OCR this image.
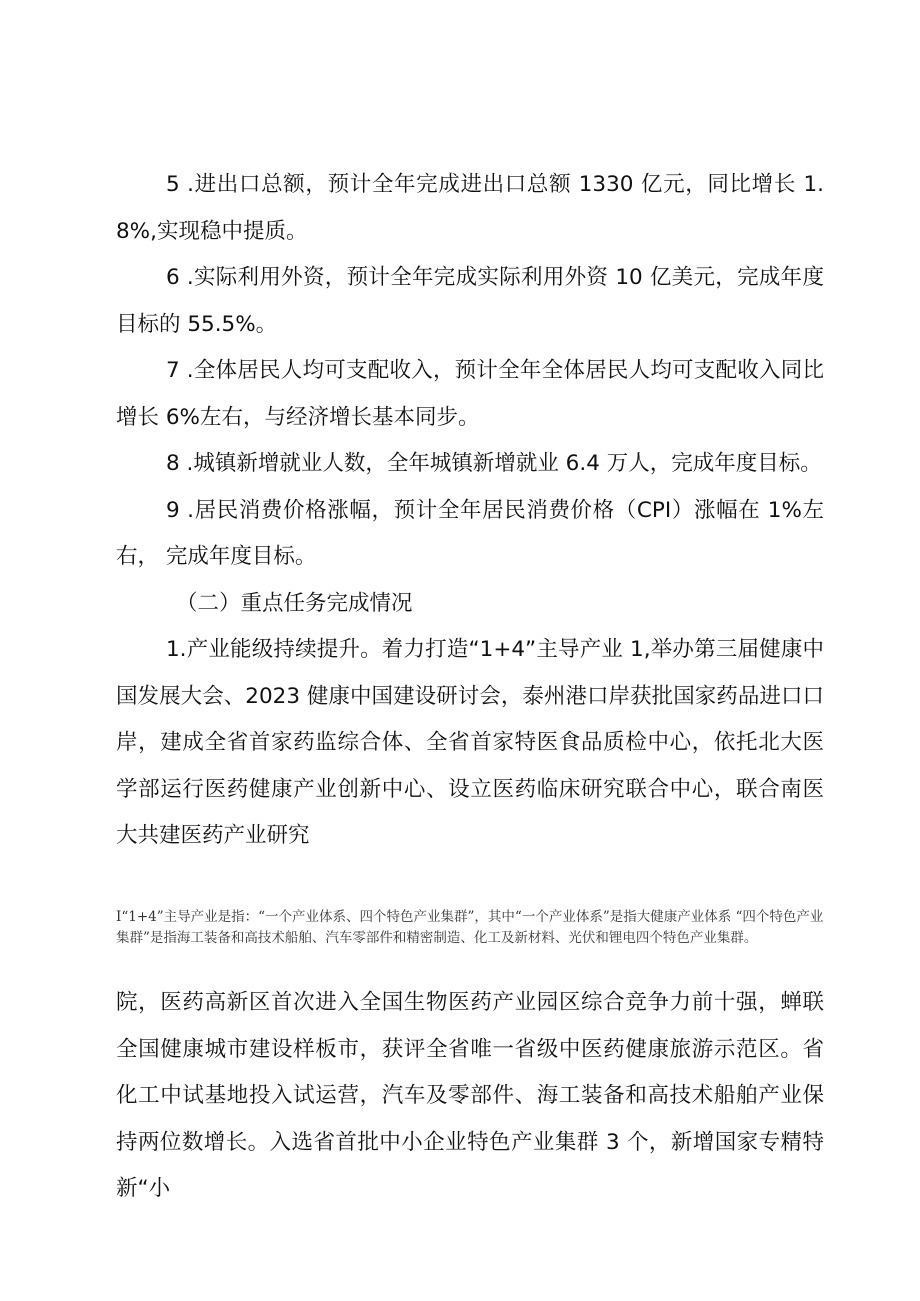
5 .进出口总额，预计全年完成进出口总额 1330 亿元，同比增长 1.8%,实现稳中提质。

6 .实际利用外资，预计全年完成实际利用外资 10 亿美元，完成年度目标的 55.5%。

7 .全体居民人均可支配收入，预计全年全体居民人均可支配收入同比增长 6%左右，与经济增长基本同步。

8 .城镇新增就业人数，全年城镇新增就业 6.4 万人，完成年度目标。

9 .居民消费价格涨幅，预计全年居民消费价格（CPI）涨幅在 1%左右， 完成年度目标。

（二）重点任务完成情况

1.产业能级持续提升。着力打造“1+4”主导产业 1,举办第三届健康中国发展大会、2023 健康中国建设研讨会，泰州港口岸获批国家药品进口口岸，建成全省首家药监综合体、全省首家特医食品质检中心，依托北大医学部运行医药健康产业创新中心、设立医药临床研究联合中心，联合南医大共建医药产业研究

I“1+4”主导产业是指：“一个产业体系、四个特色产业集群”，其中“一个产业体系”是指大健康产业体系 “四个特色产业集群”是指海工装备和高技术船舶、汽车零部件和精密制造、化工及新材料、光伏和锂电四个特色产业集群。

院，医药高新区首次进入全国生物医药产业园区综合竞争力前十强，蝉联全国健康城市建设样板市，获评全省唯一省级中医药健康旅游示范区。省化工中试基地投入试运营，汽车及零部件、海工装备和高技术船舶产业保持两位数增长。入选省首批中小企业特色产业集群 3 个，新增国家专精特新“小
